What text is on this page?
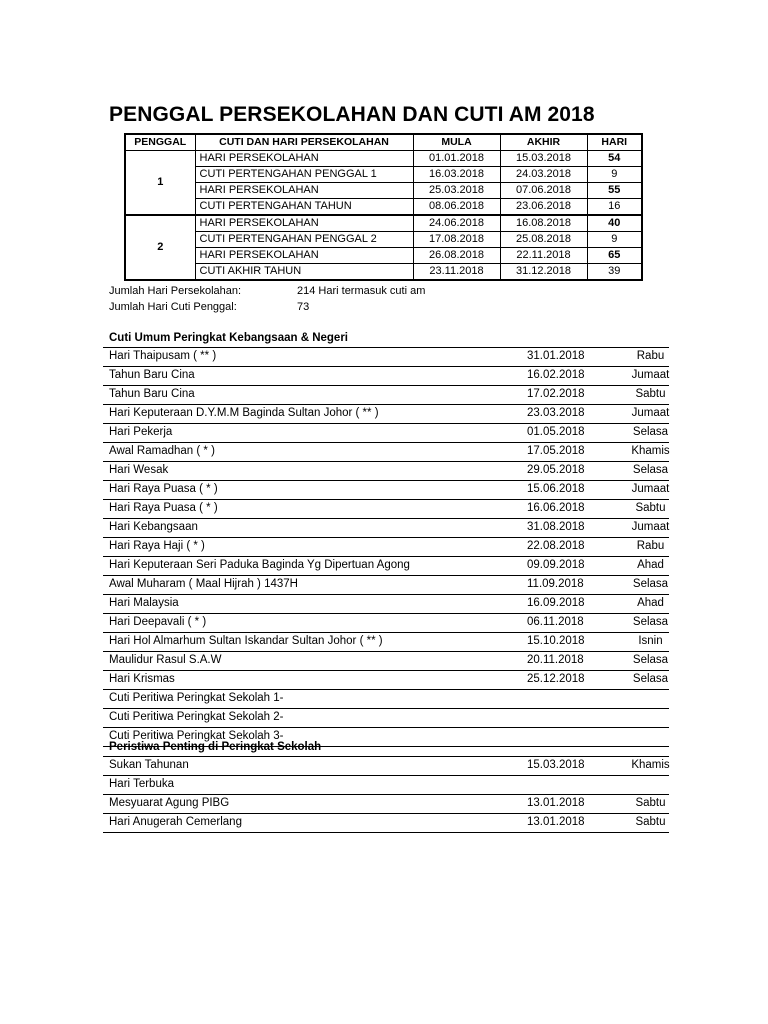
PENGGAL PERSEKOLAHAN DAN CUTI AM 2018
PENGGAL	CUTI DAN HARI PERSEKOLAHAN	MULA	AKHIR	HARI
1	HARI PERSEKOLAHAN	01.01.2018	15.03.2018	54
	CUTI PERTENGAHAN PENGGAL 1	16.03.2018	24.03.2018	9
	HARI PERSEKOLAHAN	25.03.2018	07.06.2018	55
	CUTI PERTENGAHAN TAHUN	08.06.2018	23.06.2018	16
2	HARI PERSEKOLAHAN	24.06.2018	16.08.2018	40
	CUTI PERTENGAHAN PENGGAL 2	17.08.2018	25.08.2018	9
	HARI PERSEKOLAHAN	26.08.2018	22.11.2018	65
	CUTI AKHIR TAHUN	23.11.2018	31.12.2018	39
Jumlah Hari Persekolahan:	214 Hari termasuk cuti am
Jumlah Hari Cuti Penggal:	73
Cuti Umum Peringkat Kebangsaan & Negeri
Hari Thaipusam ( ** )	31.01.2018	Rabu
Tahun Baru Cina	16.02.2018	Jumaat
Tahun Baru Cina	17.02.2018	Sabtu
Hari Keputeraan D.Y.M.M Baginda Sultan Johor ( ** )	23.03.2018	Jumaat
Hari Pekerja	01.05.2018	Selasa
Awal Ramadhan ( * )	17.05.2018	Khamis
Hari Wesak	29.05.2018	Selasa
Hari Raya Puasa ( * )	15.06.2018	Jumaat
Hari Raya Puasa ( * )	16.06.2018	Sabtu
Hari Kebangsaan	31.08.2018	Jumaat
Hari Raya Haji ( * )	22.08.2018	Rabu
Hari Keputeraan Seri Paduka Baginda Yg Dipertuan Agong	09.09.2018	Ahad
Awal Muharam ( Maal Hijrah ) 1437H	11.09.2018	Selasa
Hari Malaysia	16.09.2018	Ahad
Hari Deepavali ( * )	06.11.2018	Selasa
Hari Hol Almarhum Sultan Iskandar Sultan Johor ( ** )	15.10.2018	Isnin
Maulidur Rasul S.A.W	20.11.2018	Selasa
Hari Krismas	25.12.2018	Selasa
Cuti Peritiwa Peringkat Sekolah 1-
Cuti Peritiwa Peringkat Sekolah 2-
Cuti Peritiwa Peringkat Sekolah 3-
Peristiwa Penting di Peringkat Sekolah
Sukan Tahunan	15.03.2018	Khamis
Hari Terbuka
Mesyuarat Agung PIBG	13.01.2018	Sabtu
Hari Anugerah Cemerlang	13.01.2018	Sabtu
